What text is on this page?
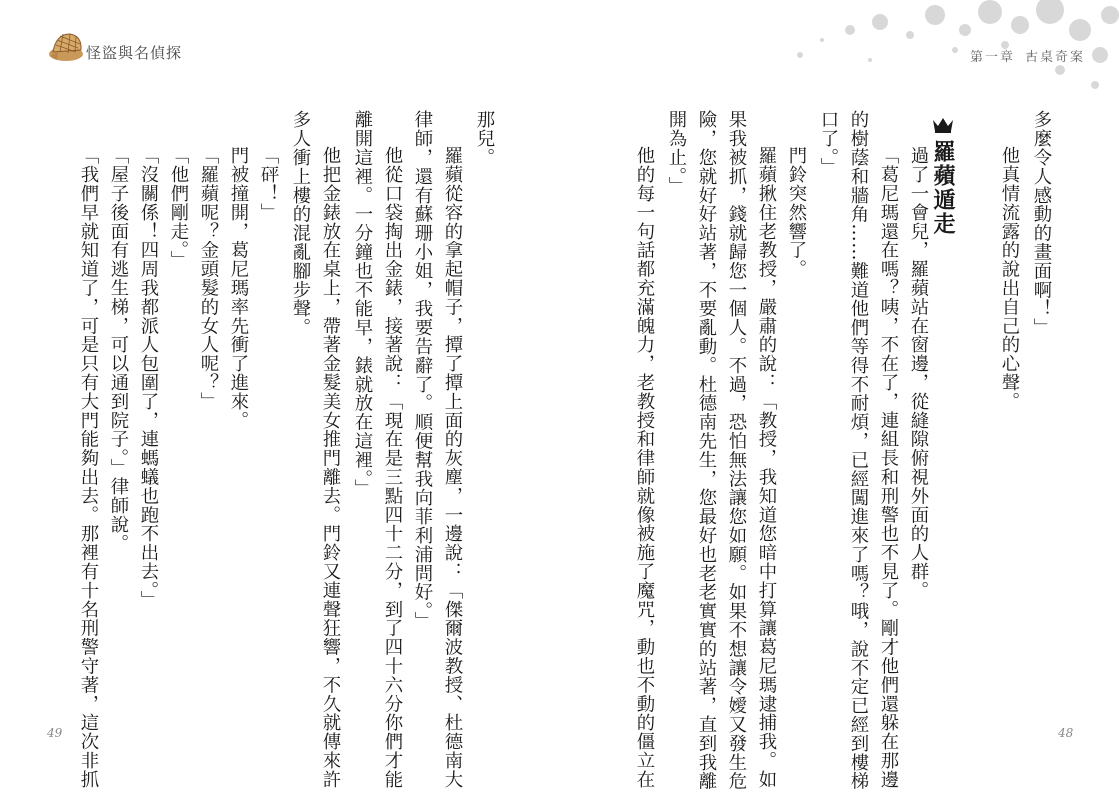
怪盜與名偵探	第一章 古桌奇案
多麼令人感動的畫面啊！」
他真情流露的說出自己的心聲。
羅蘋遁走
過了一會兒，羅蘋站在窗邊，從縫隙俯視外面的人群。
「葛尼瑪還在嗎？咦，不在了，連組長和刑警也不見了。剛才他們還躲在那邊
的樹蔭和牆角……難道他們等得不耐煩，已經闖進來了嗎？哦，說不定已經到樓梯
口了。」
門鈴突然響了。
羅蘋揪住老教授，嚴肅的說：「教授，我知道您暗中打算讓葛尼瑪逮捕我。如
果我被抓，錢就歸您一個人。不過，恐怕無法讓您如願。如果不想讓令嬡又發生危
險，您就好好站著，不要亂動。杜德南先生，您最好也老老實實的站著，直到我離
開為止。」
他的每一句話都充滿魄力，老教授和律師就像被施了魔咒，動也不動的僵立在	48
那兒。
羅蘋從容的拿起帽子，撢了撢上面的灰塵，一邊說：「傑爾波教授、杜德南大
律師，還有蘇珊小姐，我要告辭了。順便幫我向菲利浦問好。」
他從口袋掏出金錶，接著說：「現在是三點四十二分，到了四十六分你們才能
離開這裡。一分鐘也不能早，錶就放在這裡。」
他把金錶放在桌上，帶著金髮美女推門離去。門鈴又連聲狂響，不久就傳來許
多人衝上樓的混亂腳步聲。
「砰！」
門被撞開，葛尼瑪率先衝了進來。
「羅蘋呢？金頭髮的女人呢？」
「他們剛走。」
「沒關係！四周我都派人包圍了，連螞蟻也跑不出去。」
「屋子後面有逃生梯，可以通到院子。」律師說。
「我們早就知道了，可是只有大門能夠出去。那裡有十名刑警守著，這次非抓
49
